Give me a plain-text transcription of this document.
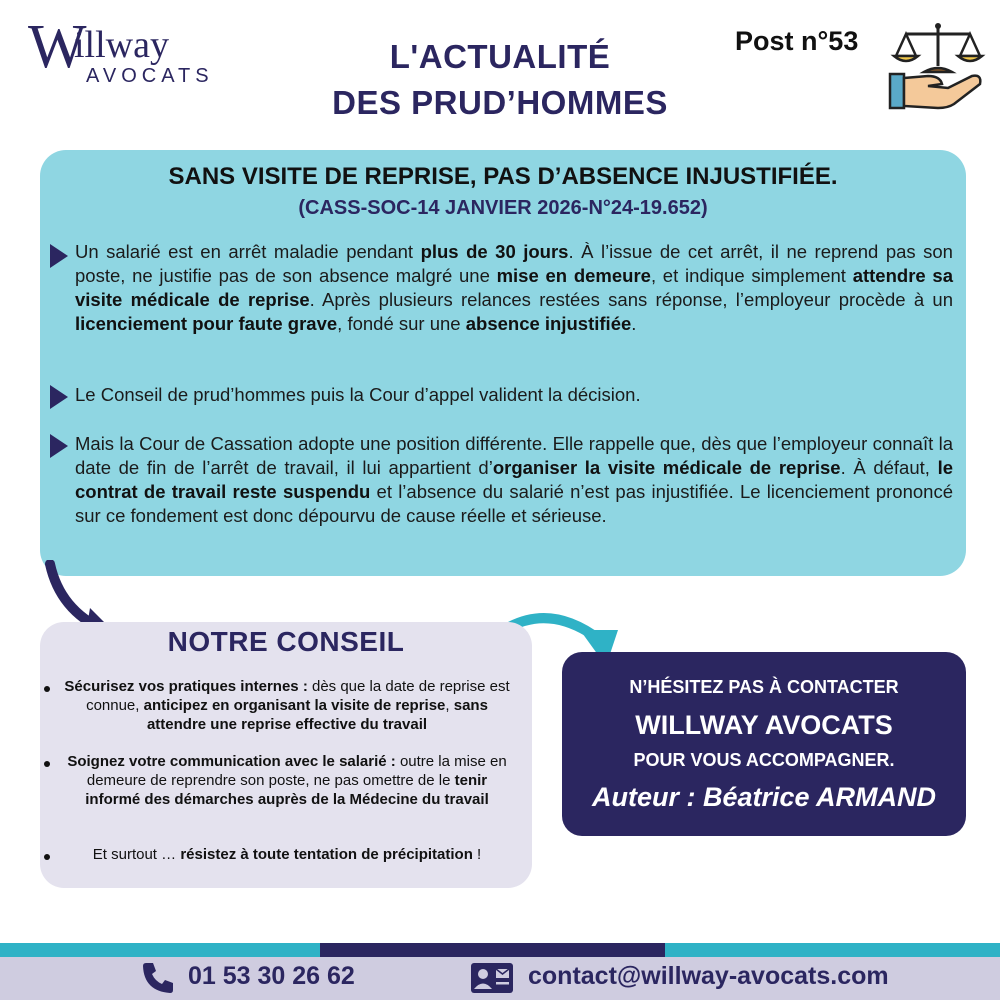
W
illway
AVOCATS
L'ACTUALITÉ
DES PRUD’HOMMES
Post n°53
SANS VISITE DE REPRISE, PAS D’ABSENCE INJUSTIFIÉE.
(CASS-SOC-14 JANVIER 2026-N°24-19.652)
Un salarié est en arrêt maladie pendant plus de 30 jours. À l’issue de cet arrêt, il ne reprend pas son poste, ne justifie pas de son absence malgré une mise en demeure, et indique simplement attendre sa visite médicale de reprise. Après plusieurs relances restées sans réponse, l’employeur procède à un licenciement pour faute grave, fondé sur une absence injustifiée.
Le Conseil de prud’hommes puis la Cour d’appel valident la décision.
Mais la Cour de Cassation adopte une position différente. Elle rappelle que, dès que l’employeur connaît la date de fin de l’arrêt de travail, il lui appartient d’organiser la visite médicale de reprise. À défaut, le contrat de travail reste suspendu et l’absence du salarié n’est pas injustifiée. Le licenciement prononcé sur ce fondement est donc dépourvu de cause réelle et sérieuse.
NOTRE CONSEIL
Sécurisez vos pratiques internes : dès que la date de reprise est connue, anticipez en organisant la visite de reprise, sans attendre une reprise effective du travail
Soignez votre communication avec le salarié : outre la mise en demeure de reprendre son poste, ne pas omettre de le tenir informé des démarches auprès de la Médecine du travail
Et surtout … résistez à toute tentation de précipitation !
N’HÉSITEZ PAS À CONTACTER
WILLWAY AVOCATS
POUR VOUS ACCOMPAGNER.
Auteur : Béatrice ARMAND
01 53 30 26 62	contact@willway-avocats.com
